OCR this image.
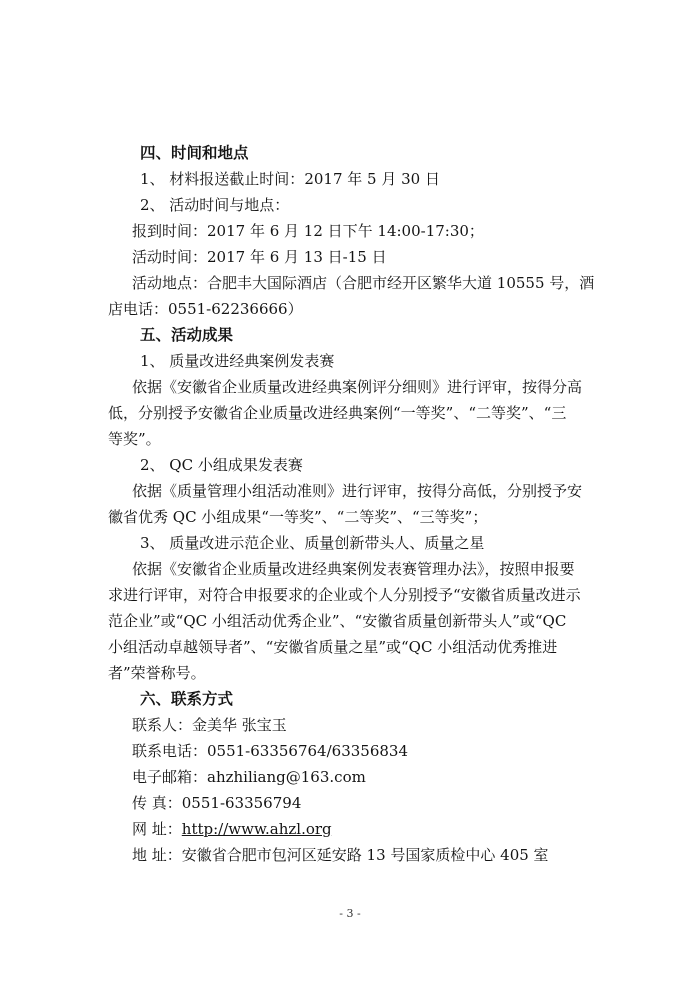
四、时间和地点
1、 材料报送截止时间：2017 年 5 月 30 日
2、 活动时间与地点：
报到时间：2017 年 6 月 12 日下午 14:00-17:30；
活动时间：2017 年 6 月 13 日-15 日
活动地点：合肥丰大国际酒店（合肥市经开区繁华大道 10555 号，酒
店电话：0551-62236666）
五、活动成果
1、 质量改进经典案例发表赛
依据《安徽省企业质量改进经典案例评分细则》进行评审，按得分高
低，分别授予安徽省企业质量改进经典案例“一等奖”、“二等奖”、“三
等奖”。
2、 QC 小组成果发表赛
依据《质量管理小组活动准则》进行评审，按得分高低，分别授予安
徽省优秀 QC 小组成果“一等奖”、“二等奖”、“三等奖”；
3、 质量改进示范企业、质量创新带头人、质量之星
依据《安徽省企业质量改进经典案例发表赛管理办法》，按照申报要
求进行评审，对符合申报要求的企业或个人分别授予“安徽省质量改进示
范企业”或“QC 小组活动优秀企业”、“安徽省质量创新带头人”或“QC
小组活动卓越领导者”、“安徽省质量之星”或“QC 小组活动优秀推进
者”荣誉称号。
六、联系方式
联系人：金美华 张宝玉
联系电话：0551-63356764/63356834
电子邮箱：ahzhiliang@163.com
传 真：0551-63356794
网 址：http://www.ahzl.org
地 址：安徽省合肥市包河区延安路 13 号国家质检中心 405 室
- 3 -
